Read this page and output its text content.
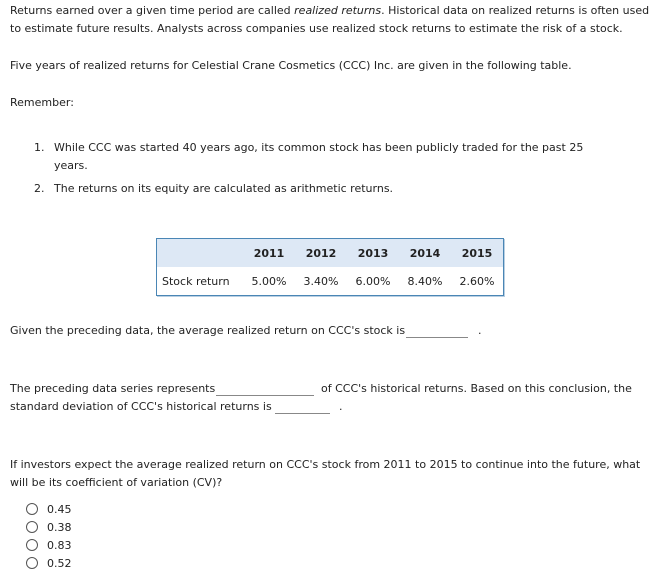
Returns earned over a given time period are called realized returns. Historical data on realized returns is often used
to estimate future results. Analysts across companies use realized stock returns to estimate the risk of a stock.
Five years of realized returns for Celestial Crane Cosmetics (CCC) Inc. are given in the following table.
Remember:
1. While CCC was started 40 years ago, its common stock has been publicly traded for the past 25
years.
2. The returns on its equity are calculated as arithmetic returns.
	2011	2012	2013	2014	2015
Stock return	5.00%	3.40%	6.00%	8.40%	2.60%
Given the preceding data, the average realized return on CCC's stock is	.
The preceding data series represents	of CCC's historical returns. Based on this conclusion, the
standard deviation of CCC's historical returns is	.
If investors expect the average realized return on CCC's stock from 2011 to 2015 to continue into the future, what
will be its coefficient of variation (CV)?
0.45
0.38
0.83
0.52
